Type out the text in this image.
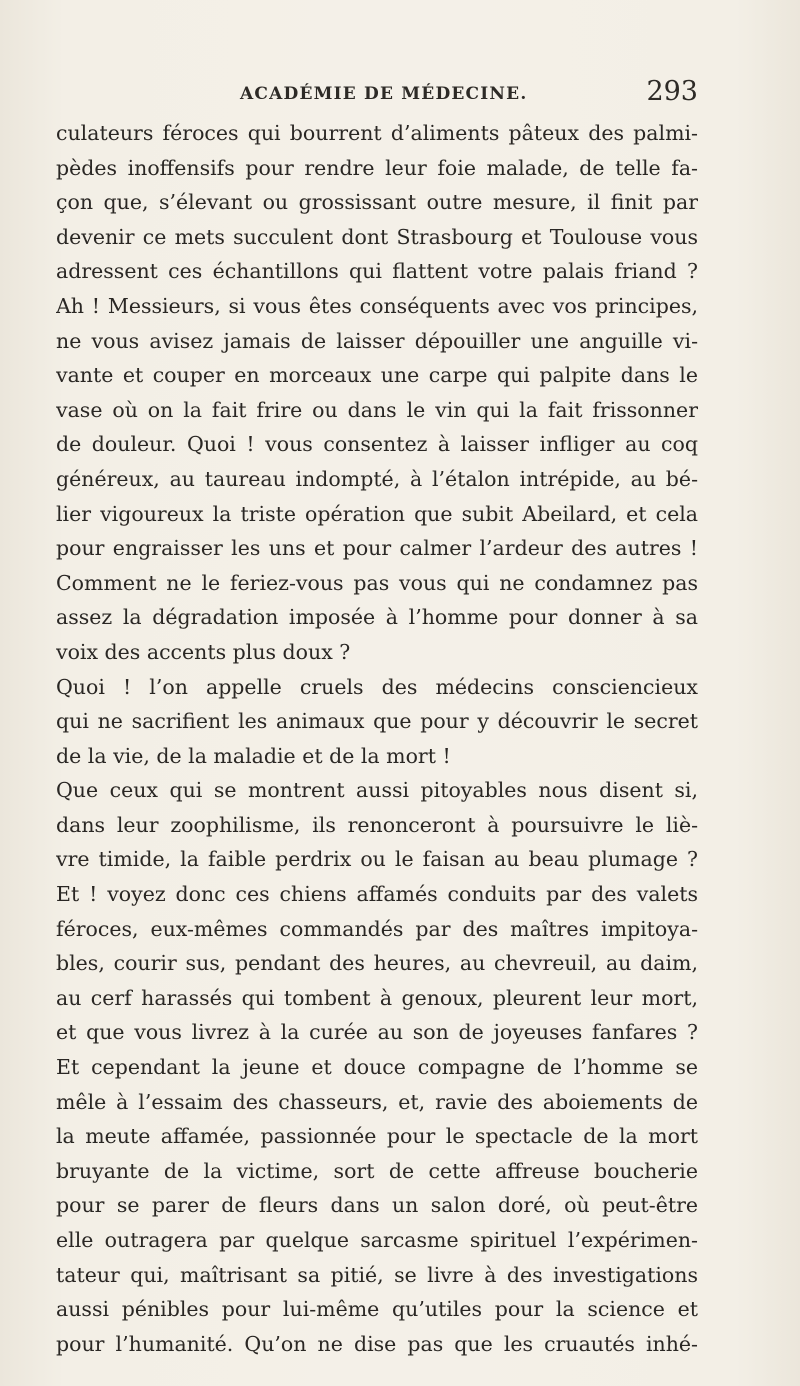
ACADÉMIE DE MÉDECINE.	293
culateurs féroces qui bourrent d’aliments pâteux des palmi-
pèdes inoffensifs pour rendre leur foie malade, de telle fa-
çon que, s’élevant ou grossissant outre mesure, il finit par
devenir ce mets succulent dont Strasbourg et Toulouse vous
adressent ces échantillons qui flattent votre palais friand ?
Ah ! Messieurs, si vous êtes conséquents avec vos principes,
ne vous avisez jamais de laisser dépouiller une anguille vi-
vante et couper en morceaux une carpe qui palpite dans le
vase où on la fait frire ou dans le vin qui la fait frissonner
de douleur. Quoi ! vous consentez à laisser infliger au coq
généreux, au taureau indompté, à l’étalon intrépide, au bé-
lier vigoureux la triste opération que subit Abeilard, et cela
pour engraisser les uns et pour calmer l’ardeur des autres !
Comment ne le feriez-vous pas vous qui ne condamnez pas
assez la dégradation imposée à l’homme pour donner à sa
voix des accents plus doux ?
Quoi ! l’on appelle cruels des médecins consciencieux
qui ne sacrifient les animaux que pour y découvrir le secret
de la vie, de la maladie et de la mort !
Que ceux qui se montrent aussi pitoyables nous disent si,
dans leur zoophilisme, ils renonceront à poursuivre le liè-
vre timide, la faible perdrix ou le faisan au beau plumage ?
Et ! voyez donc ces chiens affamés conduits par des valets
féroces, eux-mêmes commandés par des maîtres impitoya-
bles, courir sus, pendant des heures, au chevreuil, au daim,
au cerf harassés qui tombent à genoux, pleurent leur mort,
et que vous livrez à la curée au son de joyeuses fanfares ?
Et cependant la jeune et douce compagne de l’homme se
mêle à l’essaim des chasseurs, et, ravie des aboiements de
la meute affamée, passionnée pour le spectacle de la mort
bruyante de la victime, sort de cette affreuse boucherie
pour se parer de fleurs dans un salon doré, où peut-être
elle outragera par quelque sarcasme spirituel l’expérimen-
tateur qui, maîtrisant sa pitié, se livre à des investigations
aussi pénibles pour lui-même qu’utiles pour la science et
pour l’humanité. Qu’on ne dise pas que les cruautés inhé-
